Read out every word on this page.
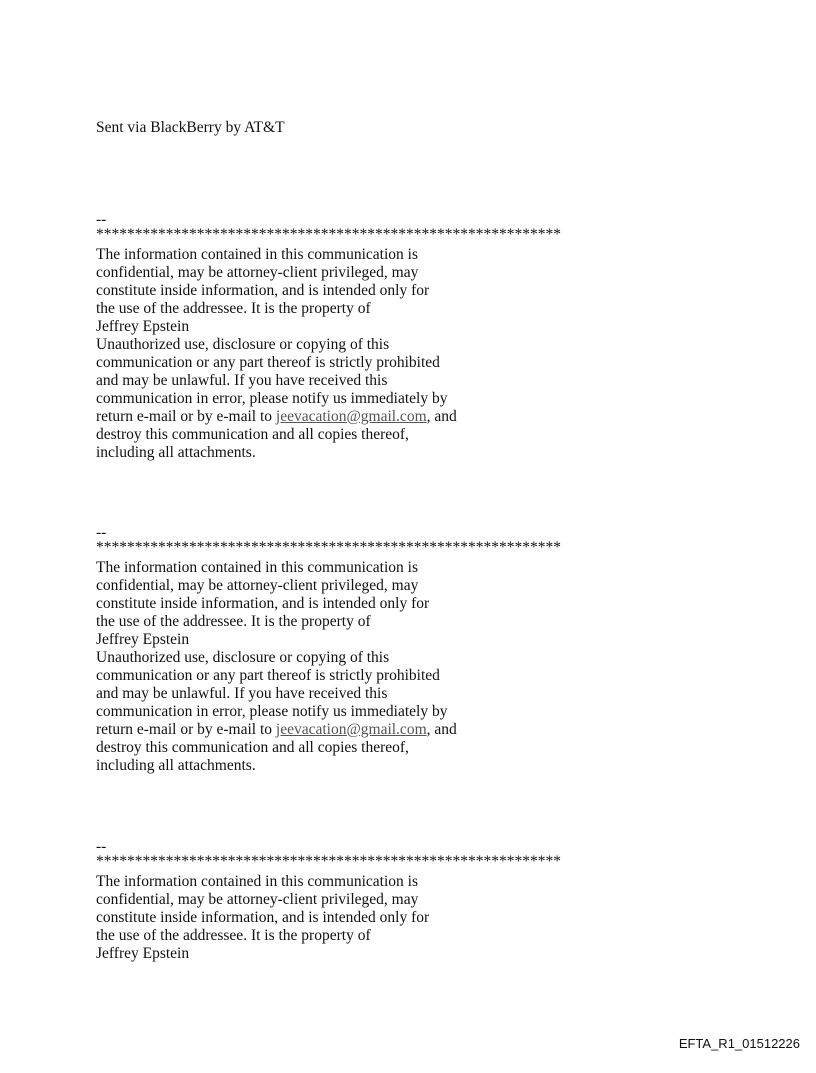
Sent via BlackBerry by AT&T
--
************************************************************
The information contained in this communication is
confidential, may be attorney-client privileged, may
constitute inside information, and is intended only for
the use of the addressee. It is the property of
Jeffrey Epstein
Unauthorized use, disclosure or copying of this
communication or any part thereof is strictly prohibited
and may be unlawful. If you have received this
communication in error, please notify us immediately by
return e-mail or by e-mail to jeevacation@gmail.com, and
destroy this communication and all copies thereof,
including all attachments.
--
************************************************************
The information contained in this communication is
confidential, may be attorney-client privileged, may
constitute inside information, and is intended only for
the use of the addressee. It is the property of
Jeffrey Epstein
Unauthorized use, disclosure or copying of this
communication or any part thereof is strictly prohibited
and may be unlawful. If you have received this
communication in error, please notify us immediately by
return e-mail or by e-mail to jeevacation@gmail.com, and
destroy this communication and all copies thereof,
including all attachments.
--
************************************************************
The information contained in this communication is
confidential, may be attorney-client privileged, may
constitute inside information, and is intended only for
the use of the addressee. It is the property of
Jeffrey Epstein
EFTA_R1_01512226
